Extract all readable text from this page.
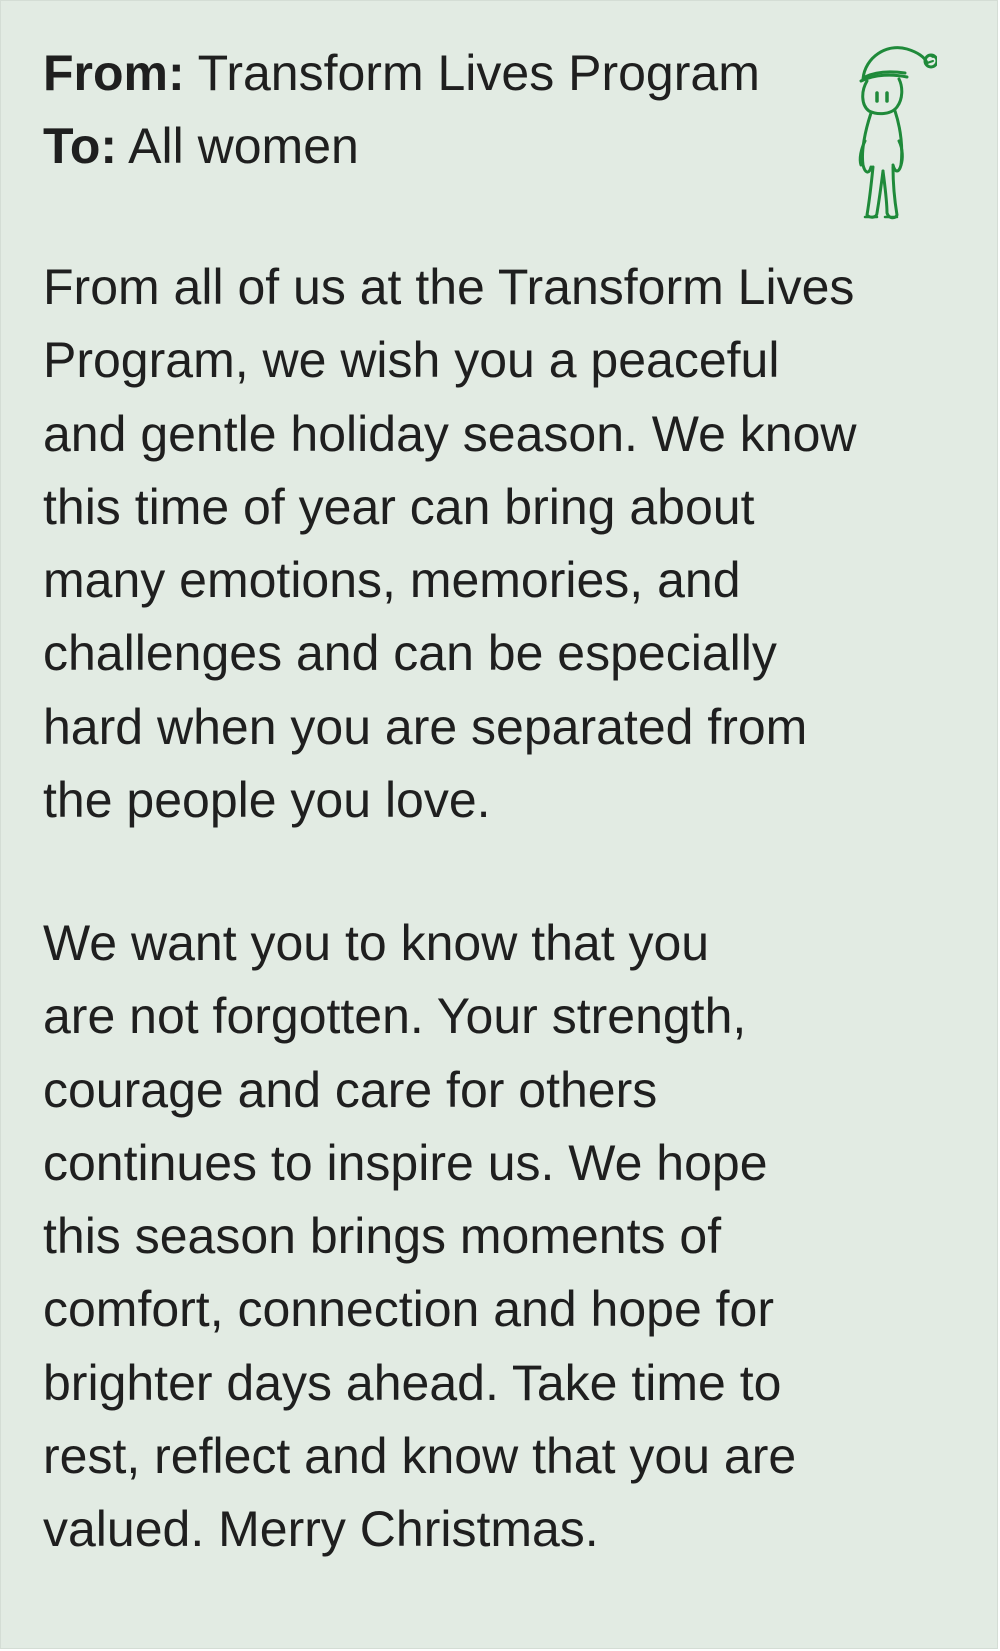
From: Transform Lives Program
To: All women
From all of us at the Transform Lives
Program, we wish you a peaceful
and gentle holiday season. We know
this time of year can bring about
many emotions, memories, and
challenges and can be especially
hard when you are separated from
the people you love.
We want you to know that you
are not forgotten. Your strength,
courage and care for others
continues to inspire us. We hope
this season brings moments of
comfort, connection and hope for
brighter days ahead. Take time to
rest, reflect and know that you are
valued. Merry Christmas.
